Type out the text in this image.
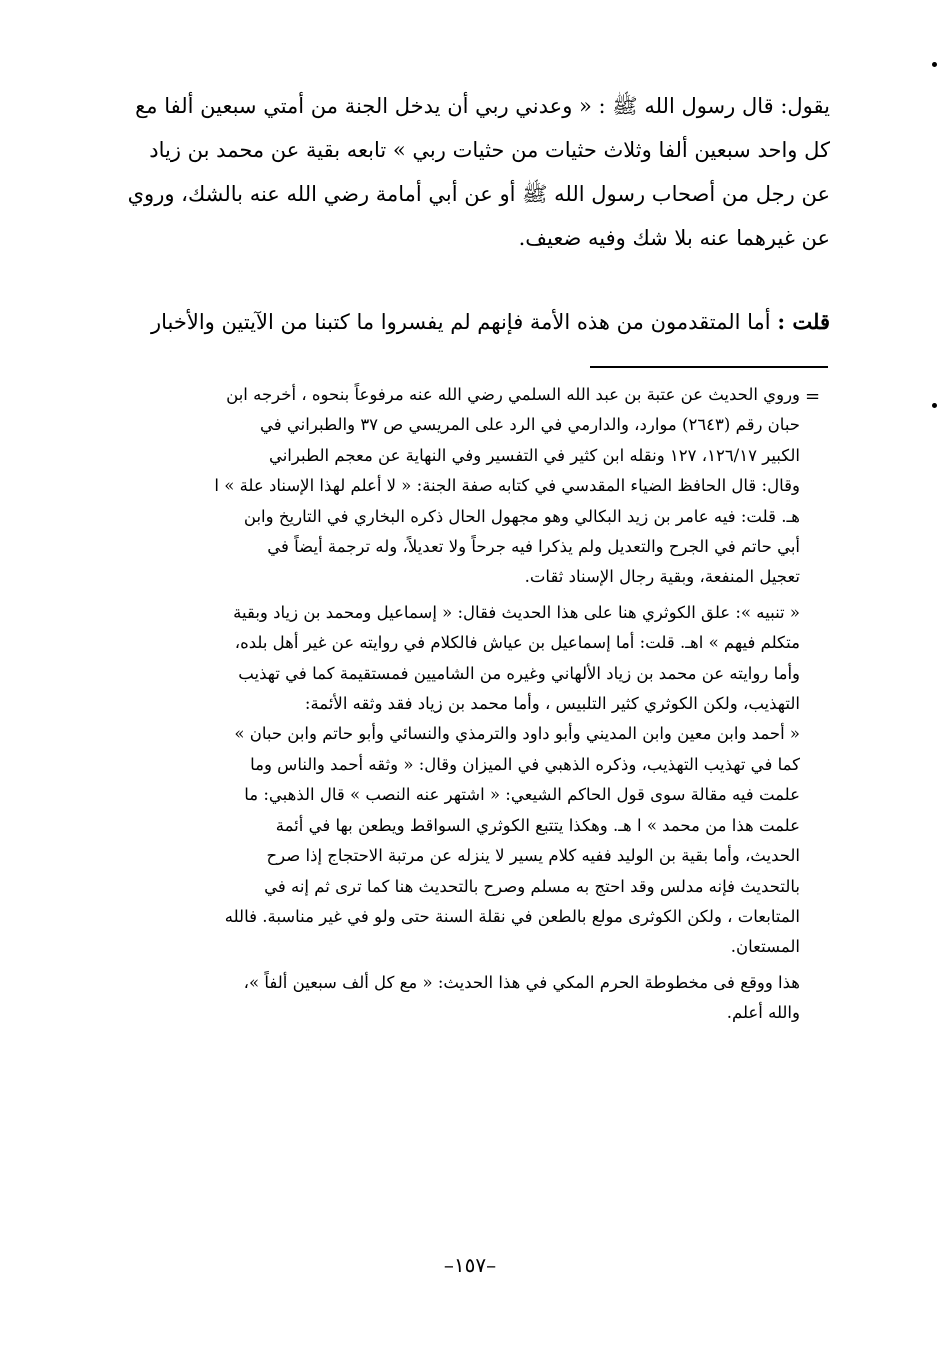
يقول: قال رسول الله ﷺ : « وعدني ربي أن يدخل الجنة من أمتي سبعين ألفا مع
كل واحد سبعين ألفا وثلاث حثيات من حثيات ربي » تابعه بقية عن محمد بن زياد
عن رجل من أصحاب رسول الله ﷺ أو عن أبي أمامة رضي الله عنه بالشك، وروي
عن غيرهما عنه بلا شك وفيه ضعيف.
قلت : أما المتقدمون من هذه الأمة فإنهم لم يفسروا ما كتبنا من الآيتين والأخبار
=
وروي الحديث عن عتبة بن عبد الله السلمي رضي الله عنه مرفوعاً بنحوه ، أخرجه ابن
حبان رقم (٢٦٤٣) موارد، والدارمي في الرد على المريسي ص ٣٧ والطبراني في
الكبير ١٢٦/١٧، ١٢٧ ونقله ابن كثير في التفسير وفي النهاية عن معجم الطبراني
وقال: قال الحافظ الضياء المقدسي في كتابه صفة الجنة: « لا أعلم لهذا الإسناد علة » ا
هـ. قلت: فيه عامر بن زيد البكالي وهو مجهول الحال ذكره البخاري في التاريخ وابن
أبي حاتم في الجرح والتعديل ولم يذكرا فيه جرحاً ولا تعديلاً، وله ترجمة أيضاً في
تعجيل المنفعة، وبقية رجال الإسناد ثقات.
« تنبيه »: علق الكوثري هنا على هذا الحديث فقال: « إسماعيل ومحمد بن زياد وبقية
متكلم فيهم » اهـ. قلت: أما إسماعيل بن عياش فالكلام في روايته عن غير أهل بلده،
وأما روايته عن محمد بن زياد الألهاني وغيره من الشاميين فمستقيمة كما في تهذيب
التهذيب، ولكن الكوثري كثير التلبيس ، وأما محمد بن زياد فقد وثقه الأئمة:
« أحمد وابن معين وابن المديني وأبو داود والترمذي والنسائي وأبو حاتم وابن حبان »
كما في تهذيب التهذيب، وذكره الذهبي في الميزان وقال: « وثقه أحمد والناس وما
علمت فيه مقالة سوى قول الحاكم الشيعي: « اشتهر عنه النصب » قال الذهبي: ما
علمت هذا من محمد » ا هـ. وهكذا يتتبع الكوثري السواقط ويطعن بها في أئمة
الحديث، وأما بقية بن الوليد ففيه كلام يسير لا ينزله عن مرتبة الاحتجاج إذا صرح
بالتحديث فإنه مدلس وقد احتج به مسلم وصرح بالتحديث هنا كما ترى ثم إنه في
المتابعات ، ولكن الكوثرى مولع بالطعن في نقلة السنة حتى ولو في غير مناسبة. فالله
المستعان.
هذا ووقع فى مخطوطة الحرم المكي في هذا الحديث: « مع كل ألف سبعين ألفاً »،
والله أعلم.
–١٥٧–
